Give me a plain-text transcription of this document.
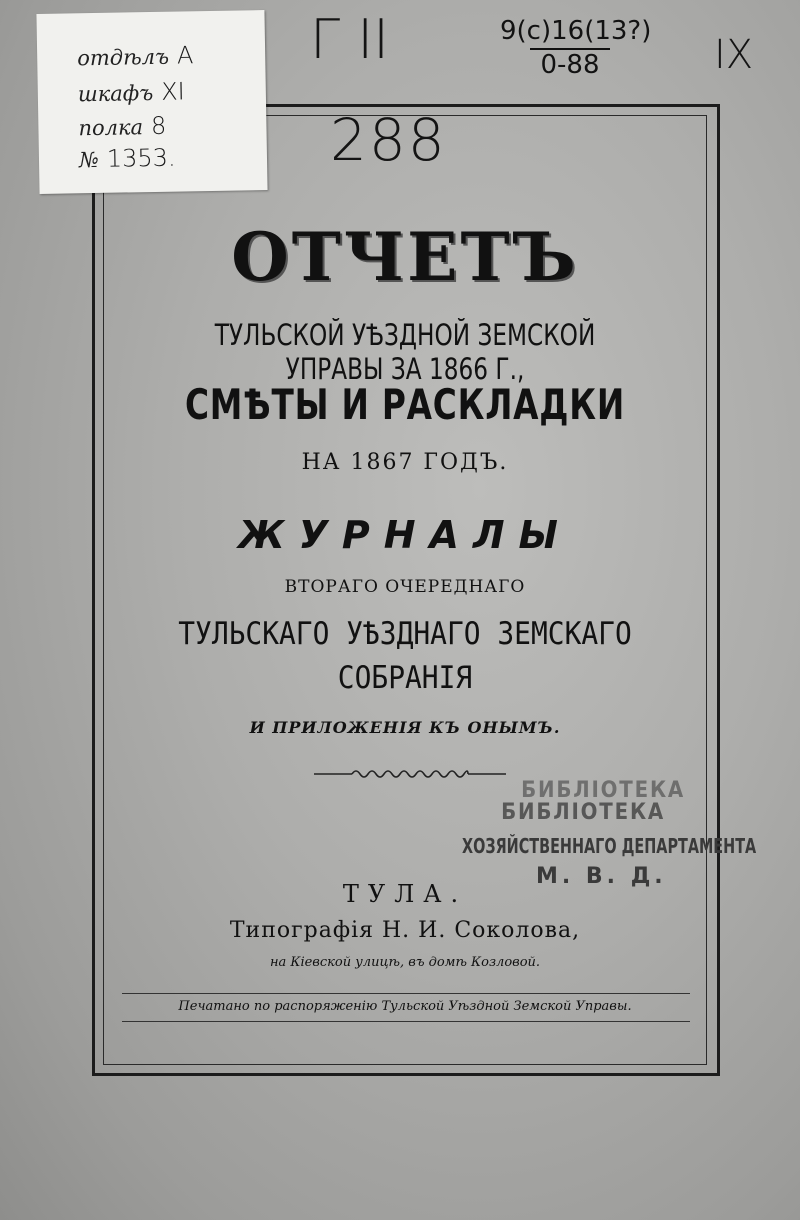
отдѣлъ А
шкафъ XI
полка 8
№ 1353.
Г II	9(с)16(13?)
0-88	IX
288
ОТЧЕТЪ
ТУЛЬСКОЙ УѢЗДНОЙ ЗЕМСКОЙ УПРАВЫ ЗА 1866 Г.,
СМѢТЫ И РАСКЛАДКИ
НА 1867 ГОДЪ.
ЖУРНАЛЫ
ВТОРАГО ОЧЕРЕДНАГО
ТУЛЬСКАГО УѢЗДНАГО ЗЕМСКАГО
СОБРАНІЯ
И ПРИЛОЖЕНІЯ КЪ ОНЫМЪ.
БИБЛІОТЕКА
БИБЛІОТЕКА
ХОЗЯЙСТВЕННАГО ДЕПАРТАМЕНТА
М. В. Д.
ТУЛА.
Типографія Н. И. Соколова,
на Кіевской улицѣ, въ домѣ Козловой.
Печатано по распоряженію Тульской Уѣздной Земской Управы.
